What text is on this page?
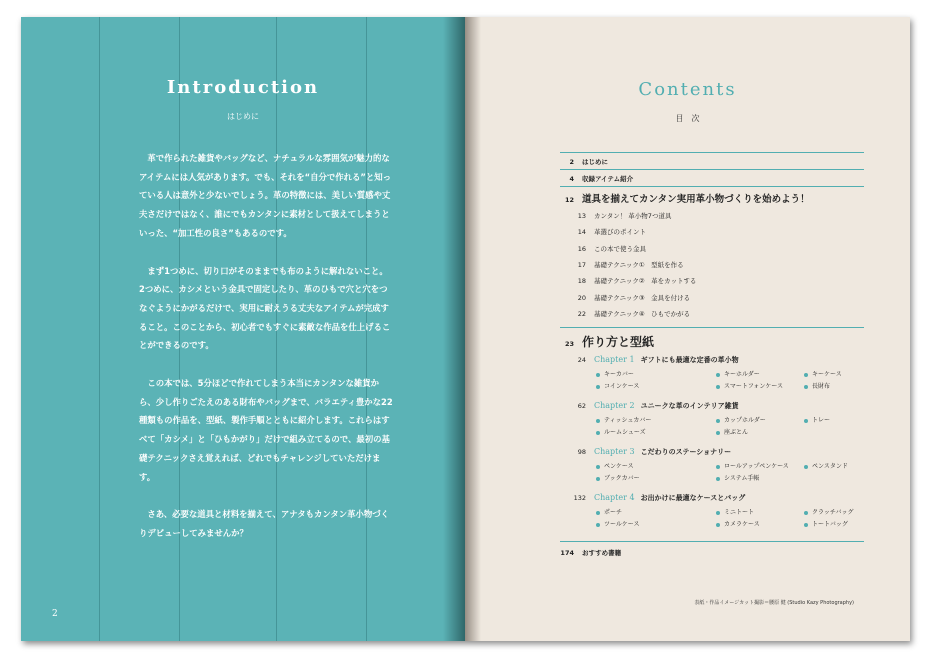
Introduction
はじめに

革で作られた雑貨やバッグなど、ナチュラルな雰囲気が魅力的なアイテムには人気があります。でも、それを“自分で作れる”と知っている人は意外と少ないでしょう。革の特徴には、美しい質感や丈夫さだけではなく、誰にでもカンタンに素材として扱えてしまうといった、“加工性の良さ”もあるのです。

まず1つめに、切り口がそのままでも布のように解れないこと。2つめに、カシメという金具で固定したり、革のひもで穴と穴をつなぐようにかがるだけで、実用に耐えうる丈夫なアイテムが完成すること。このことから、初心者でもすぐに素敵な作品を仕上げることができるのです。

この本では、5分ほどで作れてしまう本当にカンタンな雑貨から、少し作りごたえのある財布やバッグまで、バラエティ豊かな22種類もの作品を、型紙、製作手順とともに紹介します。これらはすべて「カシメ」と「ひもかがり」だけで組み立てるので、最初の基礎テクニックさえ覚えれば、どれでもチャレンジしていただけます。

さあ、必要な道具と材料を揃えて、アナタもカンタン革小物づくりデビューしてみませんか？

2
Contents
目　次
2 はじめに
4 収録アイテム紹介
12 道具を揃えてカンタン実用革小物づくりを始めよう！
13 カンタン！ 革小物7つ道具
14 革選びのポイント
16 この本で使う金具
17 基礎テクニック①　型紙を作る
18 基礎テクニック②　革をカットする
20 基礎テクニック③　金具を付ける
22 基礎テクニック④　ひもでかがる
23 作り方と型紙
24 Chapter 1 ギフトにも最適な定番の革小物
キーカバー	キーホルダー	キーケース
コインケース	スマートフォンケース	長財布
62 Chapter 2 ユニークな革のインテリア雑貨
ティッシュカバー	カップホルダー	トレー
ルームシューズ	座ぶとん
98 Chapter 3 こだわりのステーショナリー
ペンケース	ロールアップペンケース	ペンスタンド
ブックカバー	システム手帳
132 Chapter 4 お出かけに最適なケースとバッグ
ポーチ	ミニトート	クラッチバッグ
ツールケース	カメラケース	トートバッグ
174 おすすめ書籍
表紙・作品イメージカット撮影＝腰原 健 (Studio Kazy Photography)
